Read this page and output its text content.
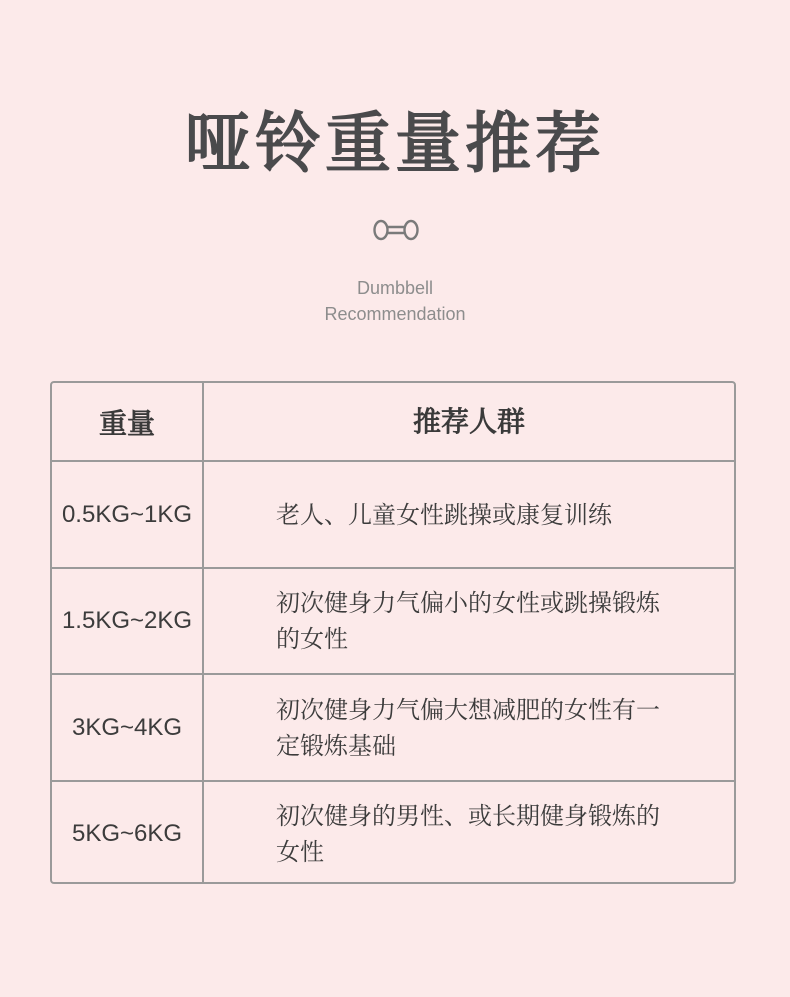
哑铃重量推荐
Dumbbell
Recommendation
重量	推荐人群
0.5KG~1KG	老人、儿童女性跳操或康复训练
1.5KG~2KG
初次健身力气偏小的女性或跳操锻炼的女性
3KG~4KG
初次健身力气偏大想减肥的女性有一定锻炼基础
5KG~6KG
初次健身的男性、或长期健身锻炼的女性
